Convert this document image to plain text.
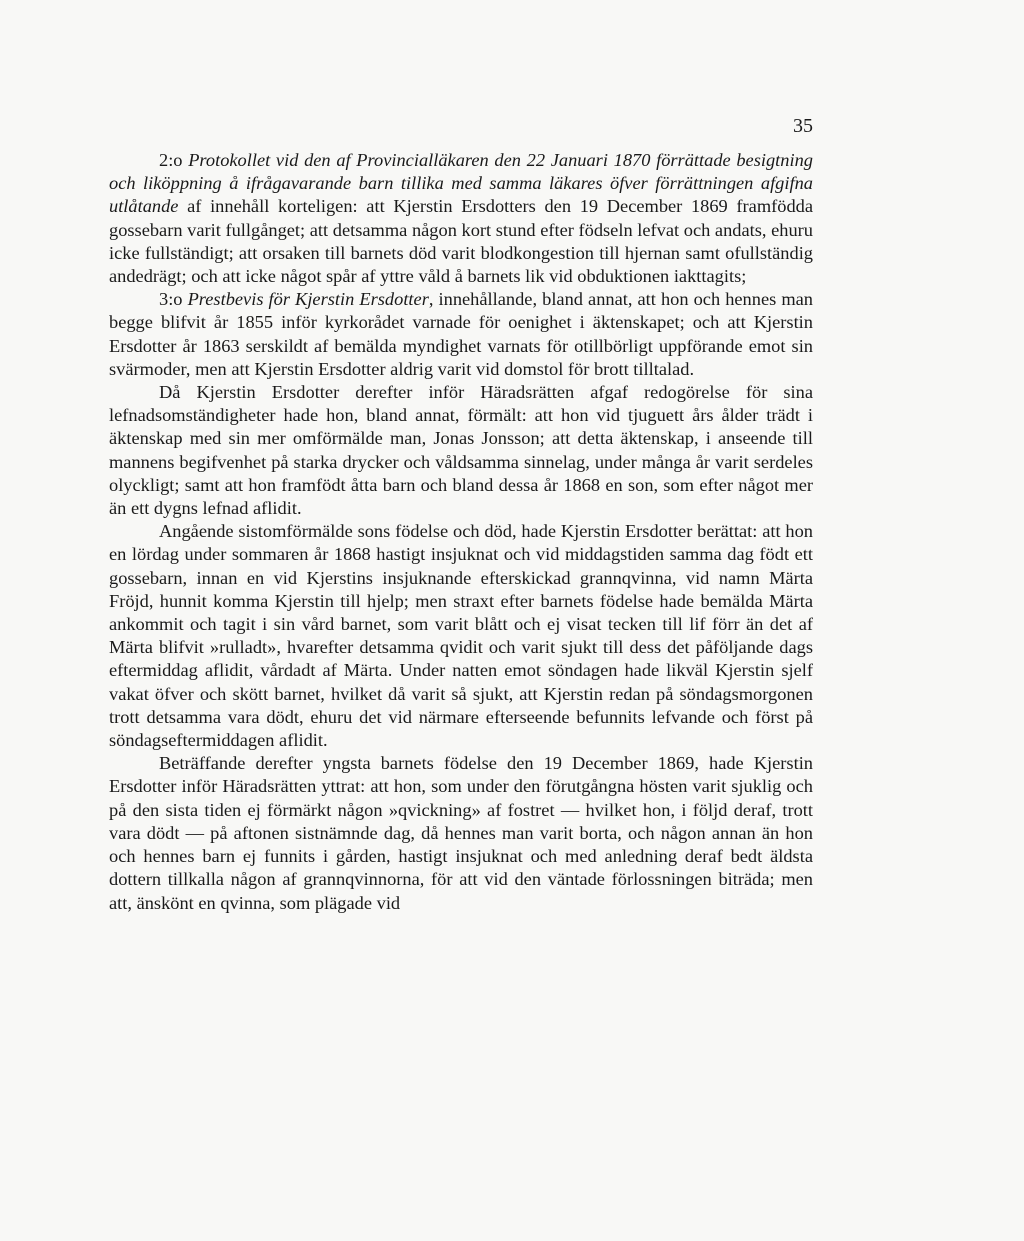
35

2:o Protokollet vid den af Provincialläkaren den 22 Januari 1870 förrättade besigtning och liköppning å ifrågavarande barn tillika med samma läkares öfver förrättningen afgifna utlåtande af innehåll korteligen: att Kjerstin Ersdotters den 19 December 1869 framfödda gossebarn varit fullgånget; att detsamma någon kort stund efter födseln lefvat och andats, ehuru icke fullständigt; att orsaken till barnets död varit blodkongestion till hjernan samt ofullständig andedrägt; och att icke något spår af yttre våld å barnets lik vid obduktionen iakttagits;

3:o Prestbevis för Kjerstin Ersdotter, innehållande, bland annat, att hon och hennes man begge blifvit år 1855 inför kyrkorådet varnade för oenighet i äktenskapet; och att Kjerstin Ersdotter år 1863 serskildt af bemälda myndighet varnats för otillbörligt uppförande emot sin svärmoder, men att Kjerstin Ersdotter aldrig varit vid domstol för brott tilltalad.

Då Kjerstin Ersdotter derefter inför Häradsrätten afgaf redogörelse för sina lefnadsomständigheter hade hon, bland annat, förmält: att hon vid tjuguett års ålder trädt i äktenskap med sin mer omförmälde man, Jonas Jonsson; att detta äktenskap, i anseende till mannens begifvenhet på starka drycker och våldsamma sinnelag, under många år varit serdeles olyckligt; samt att hon framfödt åtta barn och bland dessa år 1868 en son, som efter något mer än ett dygns lefnad aflidit.

Angående sistomförmälde sons födelse och död, hade Kjerstin Ersdotter berättat: att hon en lördag under sommaren år 1868 hastigt insjuknat och vid middagstiden samma dag födt ett gossebarn, innan en vid Kjerstins insjuknande efterskickad grannqvinna, vid namn Märta Fröjd, hunnit komma Kjerstin till hjelp; men straxt efter barnets födelse hade bemälda Märta ankommit och tagit i sin vård barnet, som varit blått och ej visat tecken till lif förr än det af Märta blifvit »rulladt», hvarefter detsamma qvidit och varit sjukt till dess det påföljande dags eftermiddag aflidit, vårdadt af Märta. Under natten emot söndagen hade likväl Kjerstin sjelf vakat öfver och skött barnet, hvilket då varit så sjukt, att Kjerstin redan på söndagsmorgonen trott detsamma vara dödt, ehuru det vid närmare efterseende befunnits lefvande och först på söndagseftermiddagen aflidit.

Beträffande derefter yngsta barnets födelse den 19 December 1869, hade Kjerstin Ersdotter inför Häradsrätten yttrat: att hon, som under den förutgångna hösten varit sjuklig och på den sista tiden ej förmärkt någon »qvickning» af fostret — hvilket hon, i följd deraf, trott vara dödt — på aftonen sistnämnde dag, då hennes man varit borta, och någon annan än hon och hennes barn ej funnits i gården, hastigt insjuknat och med anledning deraf bedt äldsta dottern tillkalla någon af grannqvinnorna, för att vid den väntade förlossningen biträda; men att, änskönt en qvinna, som plägade vid
